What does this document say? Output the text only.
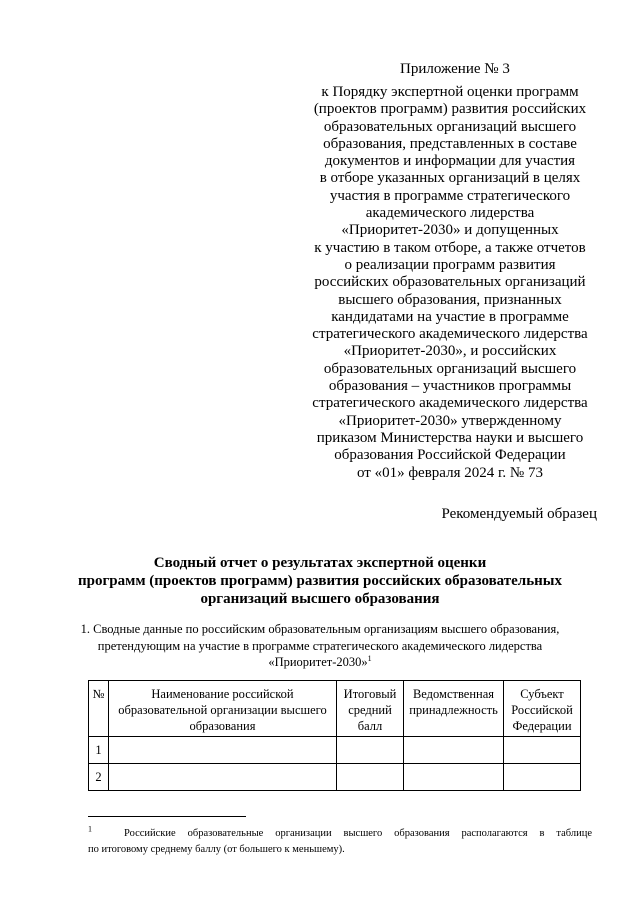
Приложение № 3
к Порядку экспертной оценки программ
(проектов программ) развития российских
образовательных организаций высшего
образования, представленных в составе
документов и информации для участия
в отборе указанных организаций в целях
участия в программе стратегического
академического лидерства
«Приоритет-2030» и допущенных
к участию в таком отборе, а также отчетов
о реализации программ развития
российских образовательных организаций
высшего образования, признанных
кандидатами на участие в программе
стратегического академического лидерства
«Приоритет-2030», и российских
образовательных организаций высшего
образования – участников программы
стратегического академического лидерства
«Приоритет-2030» утвержденному
приказом Министерства науки и высшего
образования Российской Федерации
от «01» февраля 2024 г. № 73
Рекомендуемый образец
Сводный отчет о результатах экспертной оценки
программ (проектов программ) развития российских образовательных
организаций высшего образования
1. Сводные данные по российским образовательным организациям высшего образования,
претендующим на участие в программе стратегического академического лидерства
«Приоритет-2030»$^1$
№	Наименование российской образовательной организации высшего образования	Итоговый средний балл	Ведомственная принадлежность	Субъект Российской Федерации
1				
2				
$^1$	Российские образовательные организации высшего образования располагаются в таблице
по итоговому среднему баллу (от большего к меньшему).
